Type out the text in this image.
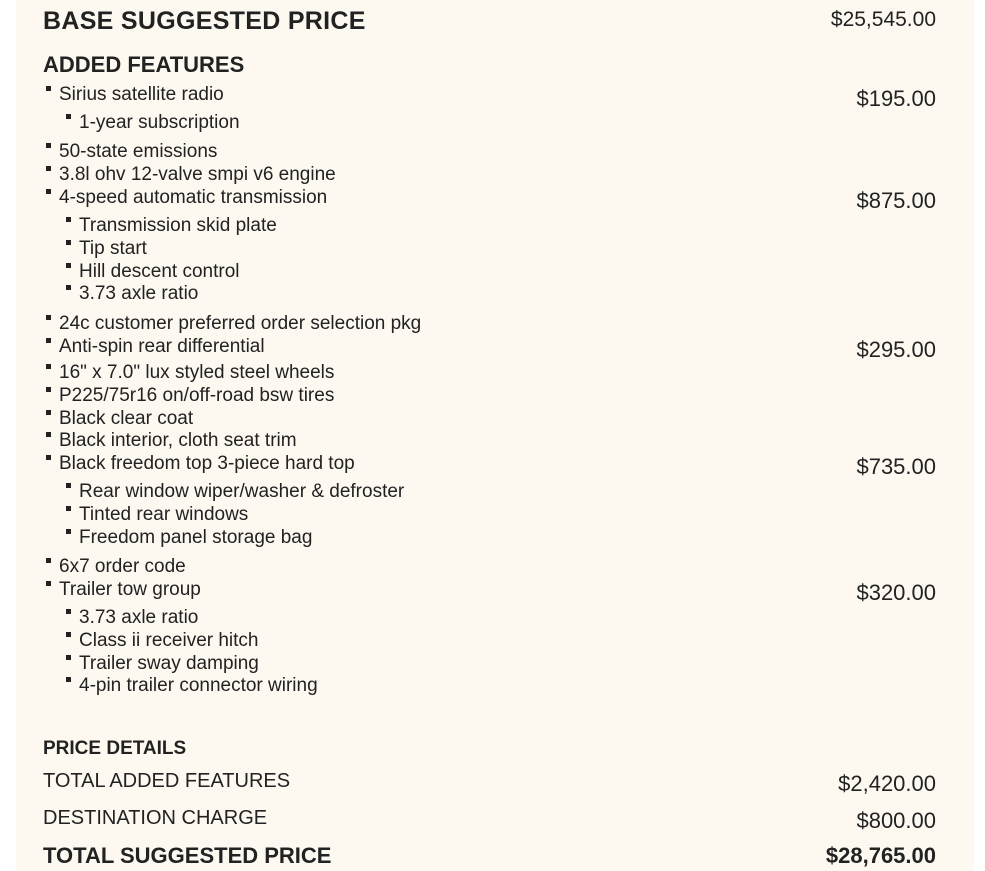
BASE SUGGESTED PRICE	$25,545.00
ADDED FEATURES
Sirius satellite radio	$195.00
1-year subscription
50-state emissions
3.8l ohv 12-valve smpi v6 engine
4-speed automatic transmission	$875.00
Transmission skid plate
Tip start
Hill descent control
3.73 axle ratio
24c customer preferred order selection pkg
Anti-spin rear differential	$295.00
16" x 7.0" lux styled steel wheels
P225/75r16 on/off-road bsw tires
Black clear coat
Black interior, cloth seat trim
Black freedom top 3-piece hard top	$735.00
Rear window wiper/washer & defroster
Tinted rear windows
Freedom panel storage bag
6x7 order code
Trailer tow group	$320.00
3.73 axle ratio
Class ii receiver hitch
Trailer sway damping
4-pin trailer connector wiring
PRICE DETAILS
TOTAL ADDED FEATURES	$2,420.00
DESTINATION CHARGE	$800.00
TOTAL SUGGESTED PRICE	$28,765.00
